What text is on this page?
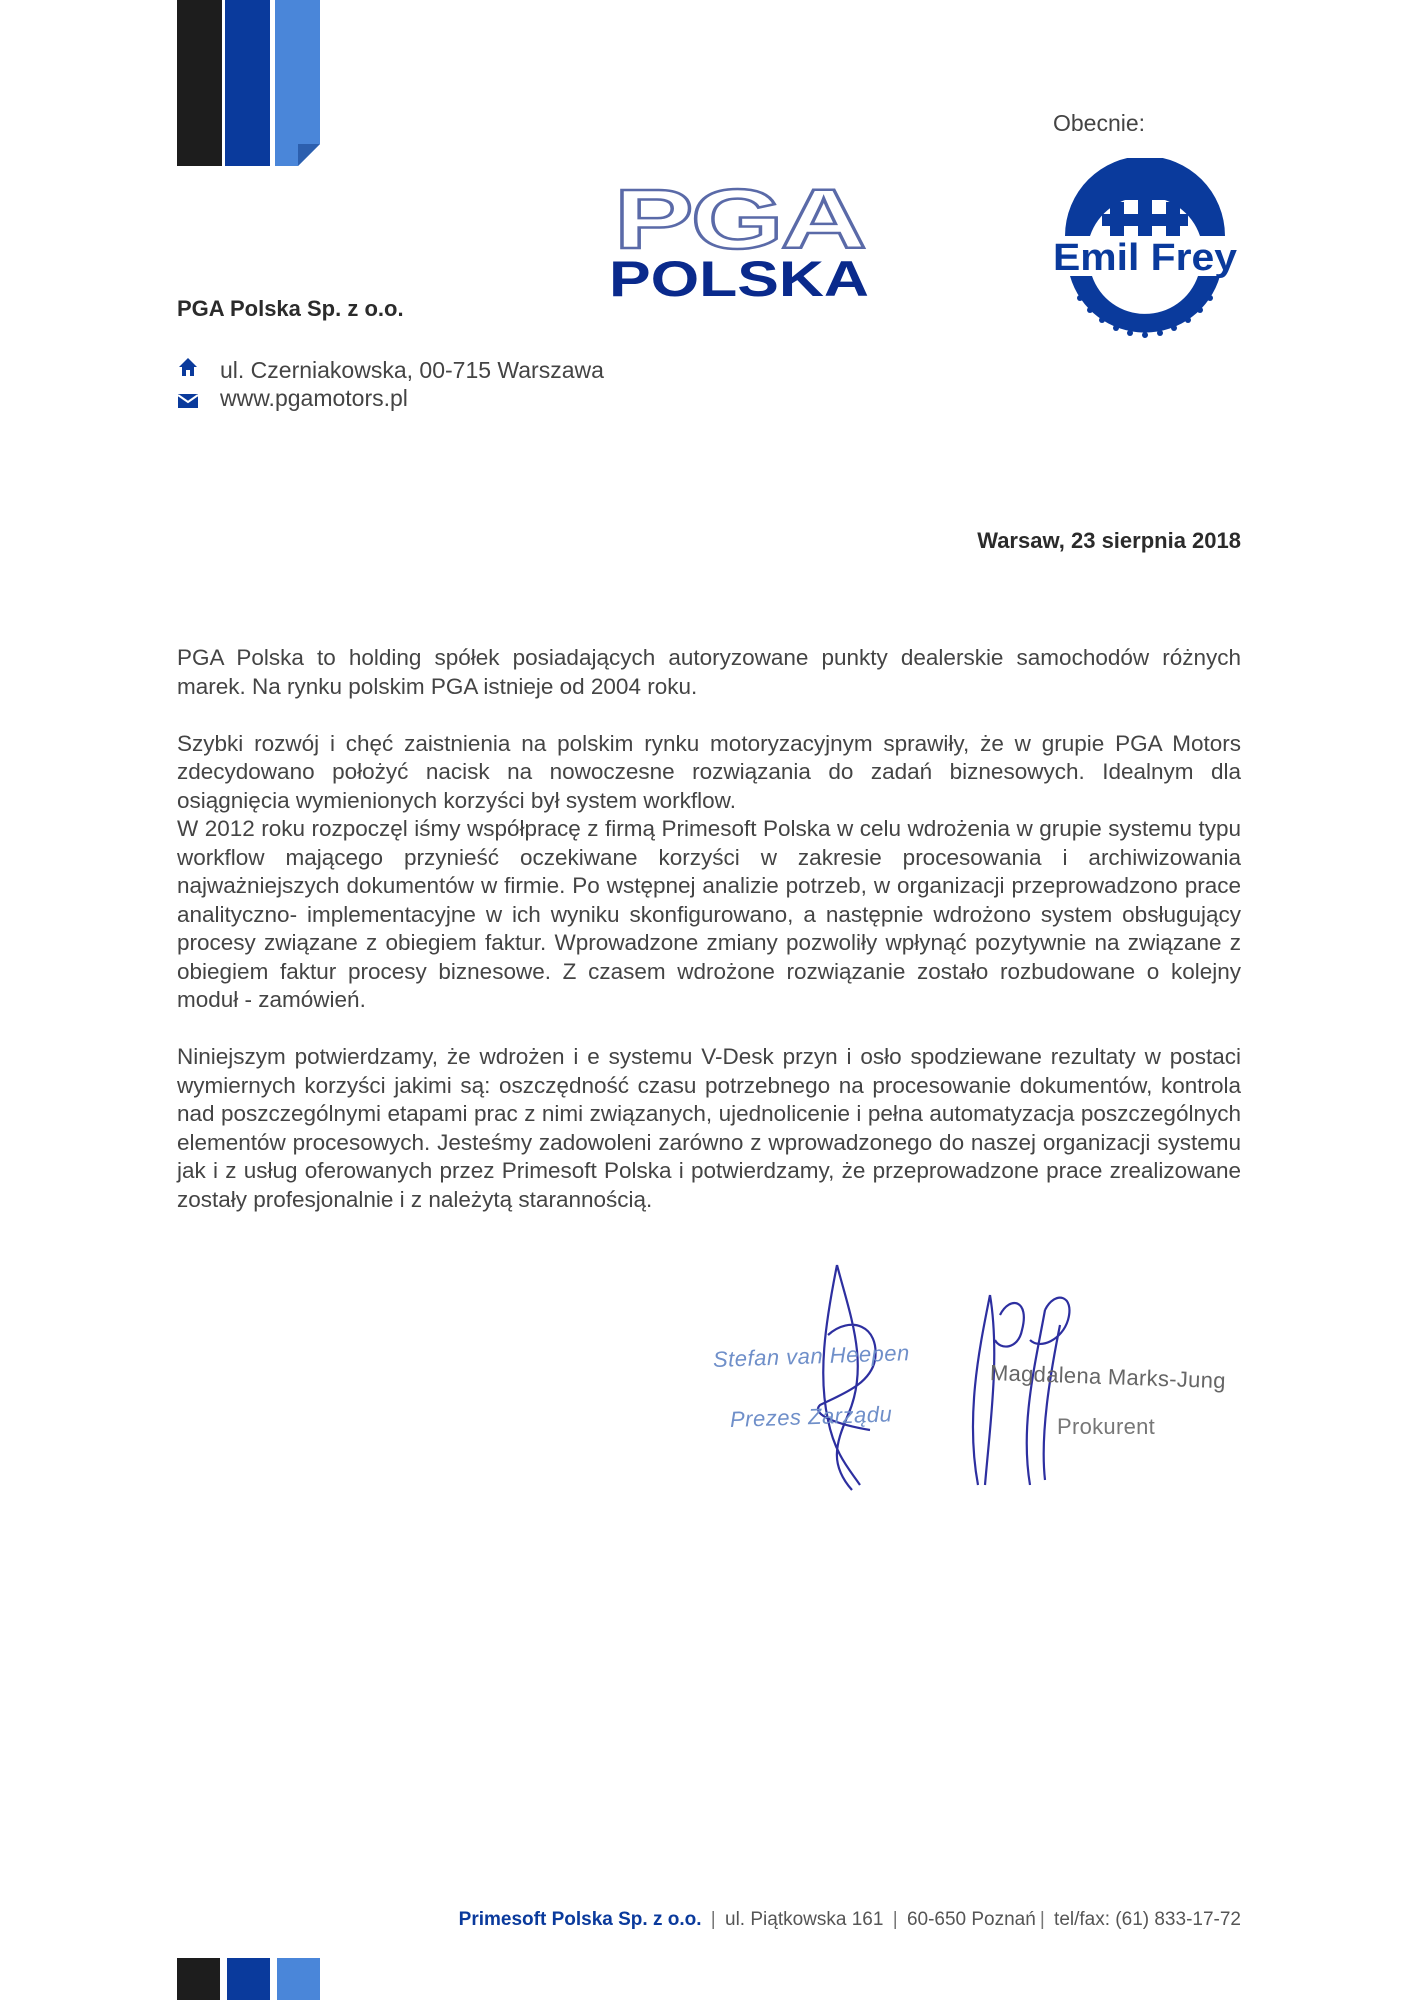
Obecnie:
PGA
POLSKA	Emil Frey
PGA Polska Sp. z o.o.
ul. Czerniakowska, 00-715 Warszawa
www.pgamotors.pl
Warsaw, 23 sierpnia 2018

PGA Polska to holding spółek posiadających autoryzowane punkty dealerskie samochodów różnych marek. Na rynku polskim PGA istnieje od 2004 roku.

Szybki rozwój i chęć zaistnienia na polskim rynku motoryzacyjnym sprawiły, że w grupie PGA Motors zdecydowano położyć nacisk na nowoczesne rozwiązania do zadań biznesowych. Idealnym dla osiągnięcia wymienionych korzyści był system workflow.

W 2012 roku rozpoczęl iśmy współpracę z firmą Primesoft Polska w celu wdrożenia w grupie systemu typu workflow mającego przynieść oczekiwane korzyści w zakresie procesowania i archiwizowania najważniejszych dokumentów w firmie. Po wstępnej analizie potrzeb, w organizacji przeprowadzono prace analityczno- implementacyjne w ich wyniku skonfigurowano, a następnie wdrożono system obsługujący procesy związane z obiegiem faktur. Wprowadzone zmiany pozwoliły wpłynąć pozytywnie na związane z obiegiem faktur procesy biznesowe. Z czasem wdrożone rozwiązanie zostało rozbudowane o kolejny moduł - zamówień.

Niniejszym potwierdzamy, że wdrożen i e systemu V-Desk przyn i osło spodziewane rezultaty w postaci wymiernych korzyści jakimi są: oszczędność czasu potrzebnego na procesowanie dokumentów, kontrola nad poszczególnymi etapami prac z nimi związanych, ujednolicenie i pełna automatyzacja poszczególnych elementów procesowych. Jesteśmy zadowoleni zarówno z wprowadzonego do naszej organizacji systemu jak i z usług oferowanych przez Primesoft Polska i potwierdzamy, że przeprowadzone prace zrealizowane zostały profesjonalnie i z należytą starannością.

Stefan van Heepen
Prezes Zarządu
Magdalena Marks-Jung
Prokurent
Primesoft Polska Sp. z o.o. | ul. Piątkowska 161 | 60-650 Poznań | tel/fax: (61) 833-17-72
